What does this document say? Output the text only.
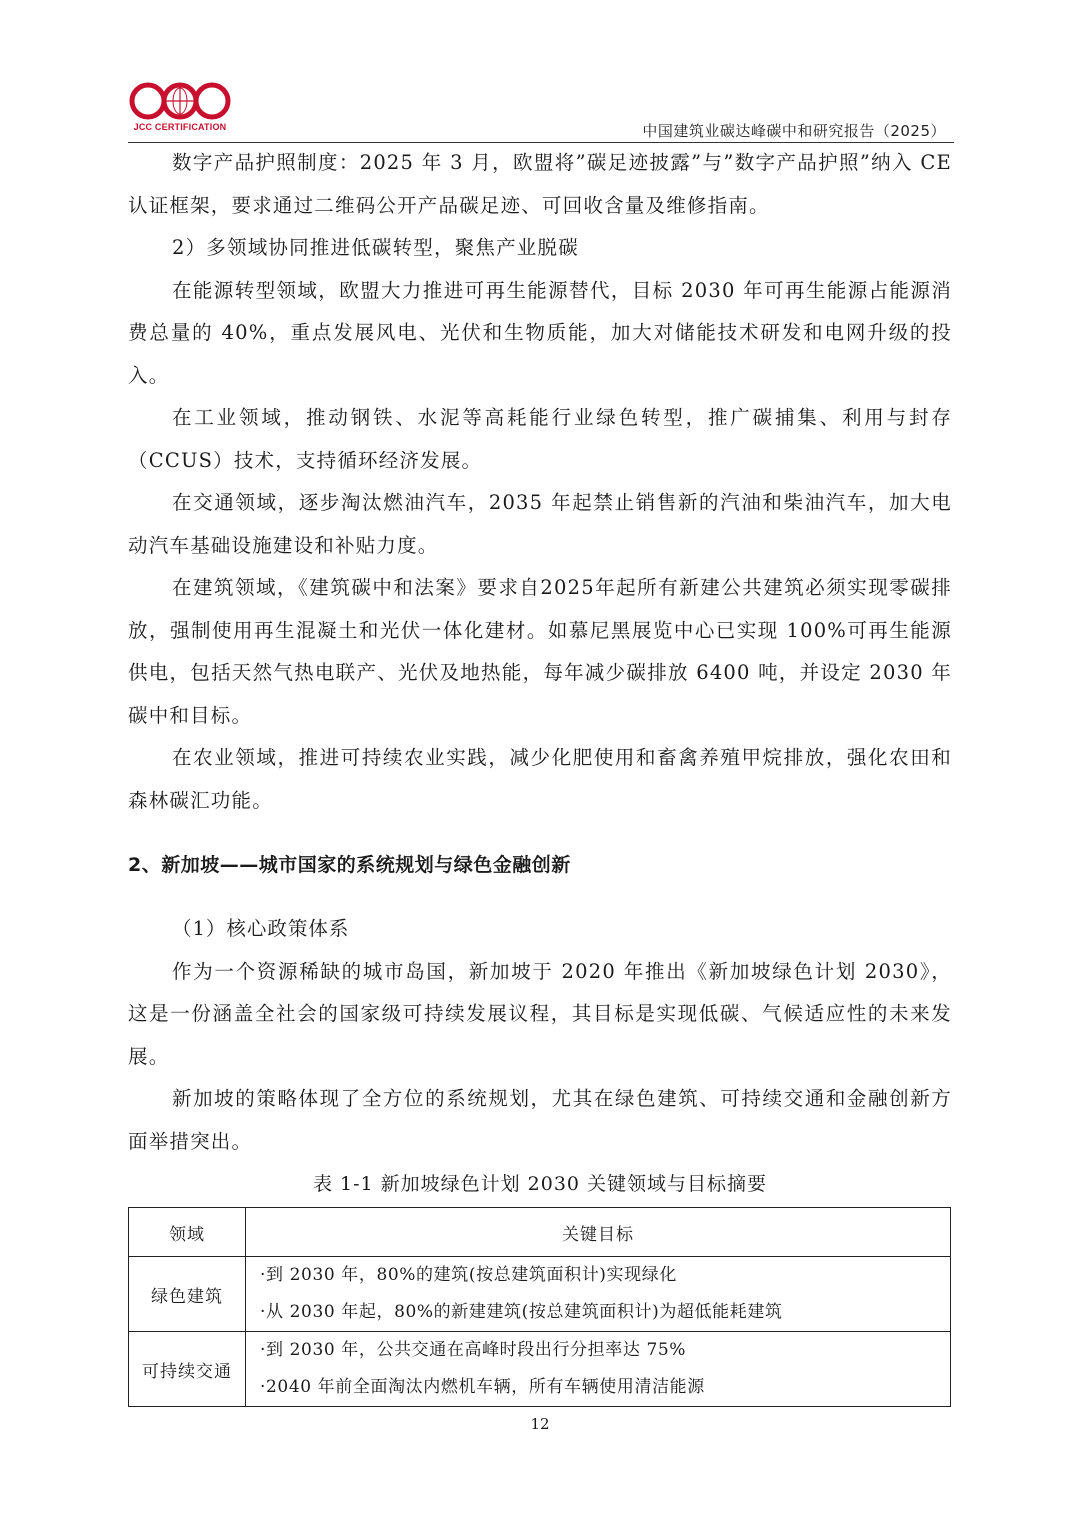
JCC CERTIFICATION	中国建筑业碳达峰碳中和研究报告（2025）

数字产品护照制度：2025 年 3 月，欧盟将”碳足迹披露”与”数字产品护照”纳入 CE 认证框架，要求通过二维码公开产品碳足迹、可回收含量及维修指南。

2）多领域协同推进低碳转型，聚焦产业脱碳

在能源转型领域，欧盟大力推进可再生能源替代，目标 2030 年可再生能源占能源消费总量的 40%，重点发展风电、光伏和生物质能，加大对储能技术研发和电网升级的投入。

在工业领域，推动钢铁、水泥等高耗能行业绿色转型，推广碳捕集、利用与封存（CCUS）技术，支持循环经济发展。

在交通领域，逐步淘汰燃油汽车，2035 年起禁止销售新的汽油和柴油汽车，加大电动汽车基础设施建设和补贴力度。

在建筑领域，《建筑碳中和法案》要求自2025年起所有新建公共建筑必须实现零碳排放，强制使用再生混凝土和光伏一体化建材。如慕尼黑展览中心已实现 100%可再生能源供电，包括天然气热电联产、光伏及地热能，每年减少碳排放 6400 吨，并设定 2030 年碳中和目标。

在农业领域，推进可持续农业实践，减少化肥使用和畜禽养殖甲烷排放，强化农田和森林碳汇功能。

2、新加坡——城市国家的系统规划与绿色金融创新
（1）核心政策体系

作为一个资源稀缺的城市岛国，新加坡于 2020 年推出《新加坡绿色计划 2030》，这是一份涵盖全社会的国家级可持续发展议程，其目标是实现低碳、气候适应性的未来发展。

新加坡的策略体现了全方位的系统规划，尤其在绿色建筑、可持续交通和金融创新方面举措突出。

表 1-1 新加坡绿色计划 2030 关键领域与目标摘要

领域	关键目标
绿色建筑	·到 2030 年，80%的建筑(按总建筑面积计)实现绿化
·从 2030 年起，80%的新建建筑(按总建筑面积计)为超低能耗建筑

可持续交通	·到 2030 年，公共交通在高峰时段出行分担率达 75%
·2040 年前全面淘汰内燃机车辆，所有车辆使用清洁能源
12
